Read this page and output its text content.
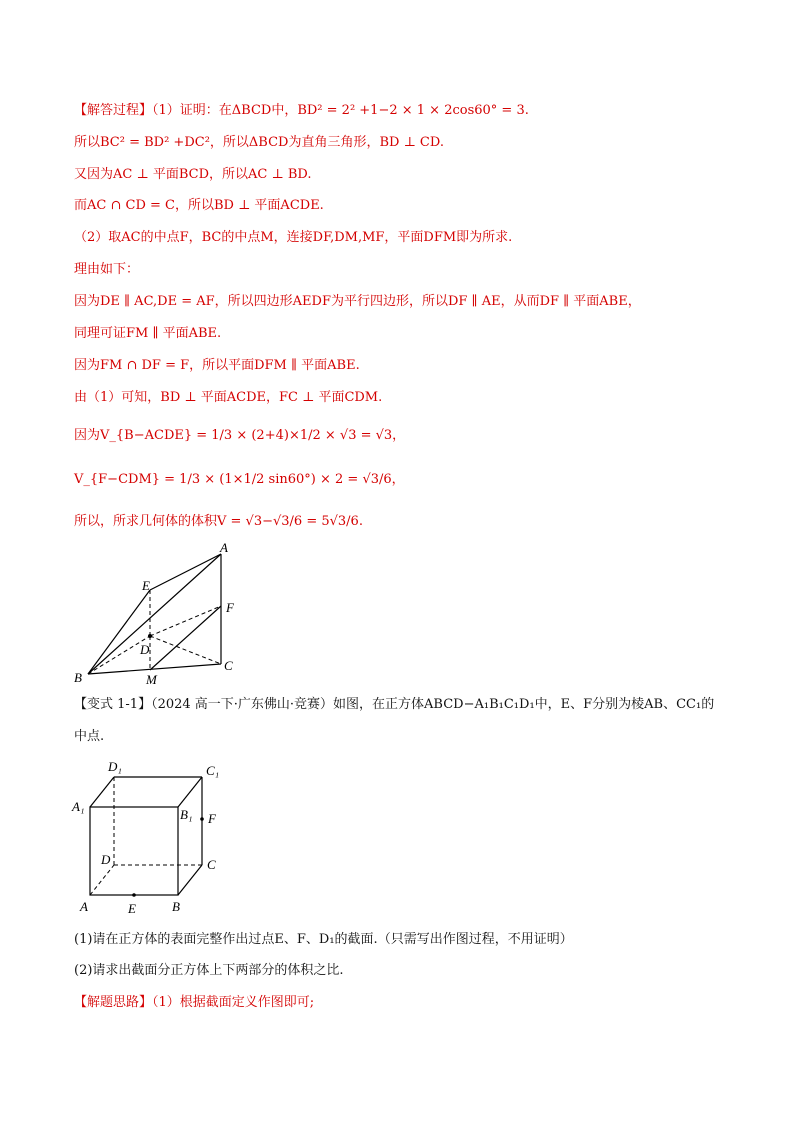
【解答过程】（1）证明：在ΔBCD中，BD² = 2² +1−2 × 1 × 2cos60° = 3.
所以BC² = BD² +DC²，所以ΔBCD为直角三角形，BD ⊥ CD.
又因为AC ⊥ 平面BCD，所以AC ⊥ BD.
而AC ∩ CD = C，所以BD ⊥ 平面ACDE.
（2）取AC的中点F，BC的中点M，连接DF,DM,MF，平面DFM即为所求.
理由如下：
因为DE ∥ AC,DE = AF，所以四边形AEDF为平行四边形，所以DF ∥ AE，从而DF ∥ 平面ABE，
同理可证FM ∥ 平面ABE.
因为FM ∩ DF = F，所以平面DFM ∥ 平面ABE.
由（1）可知，BD ⊥ 平面ACDE，FC ⊥ 平面CDM.
因为V_{B−ACDE} = 1/3 × (2+4)×1/2 × √3 = √3，
V_{F−CDM} = 1/3 × (1×1/2 sin60°) × 2 = √3/6，
所以，所求几何体的体积V = √3−√3/6 = 5√3/6.
A
E
F
D
B	M
C
【变式 1-1】（2024 高一下·广东佛山·竞赛）如图，在正方体ABCD−A₁B₁C₁D₁中，E、F分别为棱AB、CC₁的
中点.
D₁	C₁
A₁
B₁ F
D	C
A	E	B
(1)请在正方体的表面完整作出过点E、F、D₁的截面.（只需写出作图过程，不用证明）
(2)请求出截面分正方体上下两部分的体积之比.
【解题思路】（1）根据截面定义作图即可;
